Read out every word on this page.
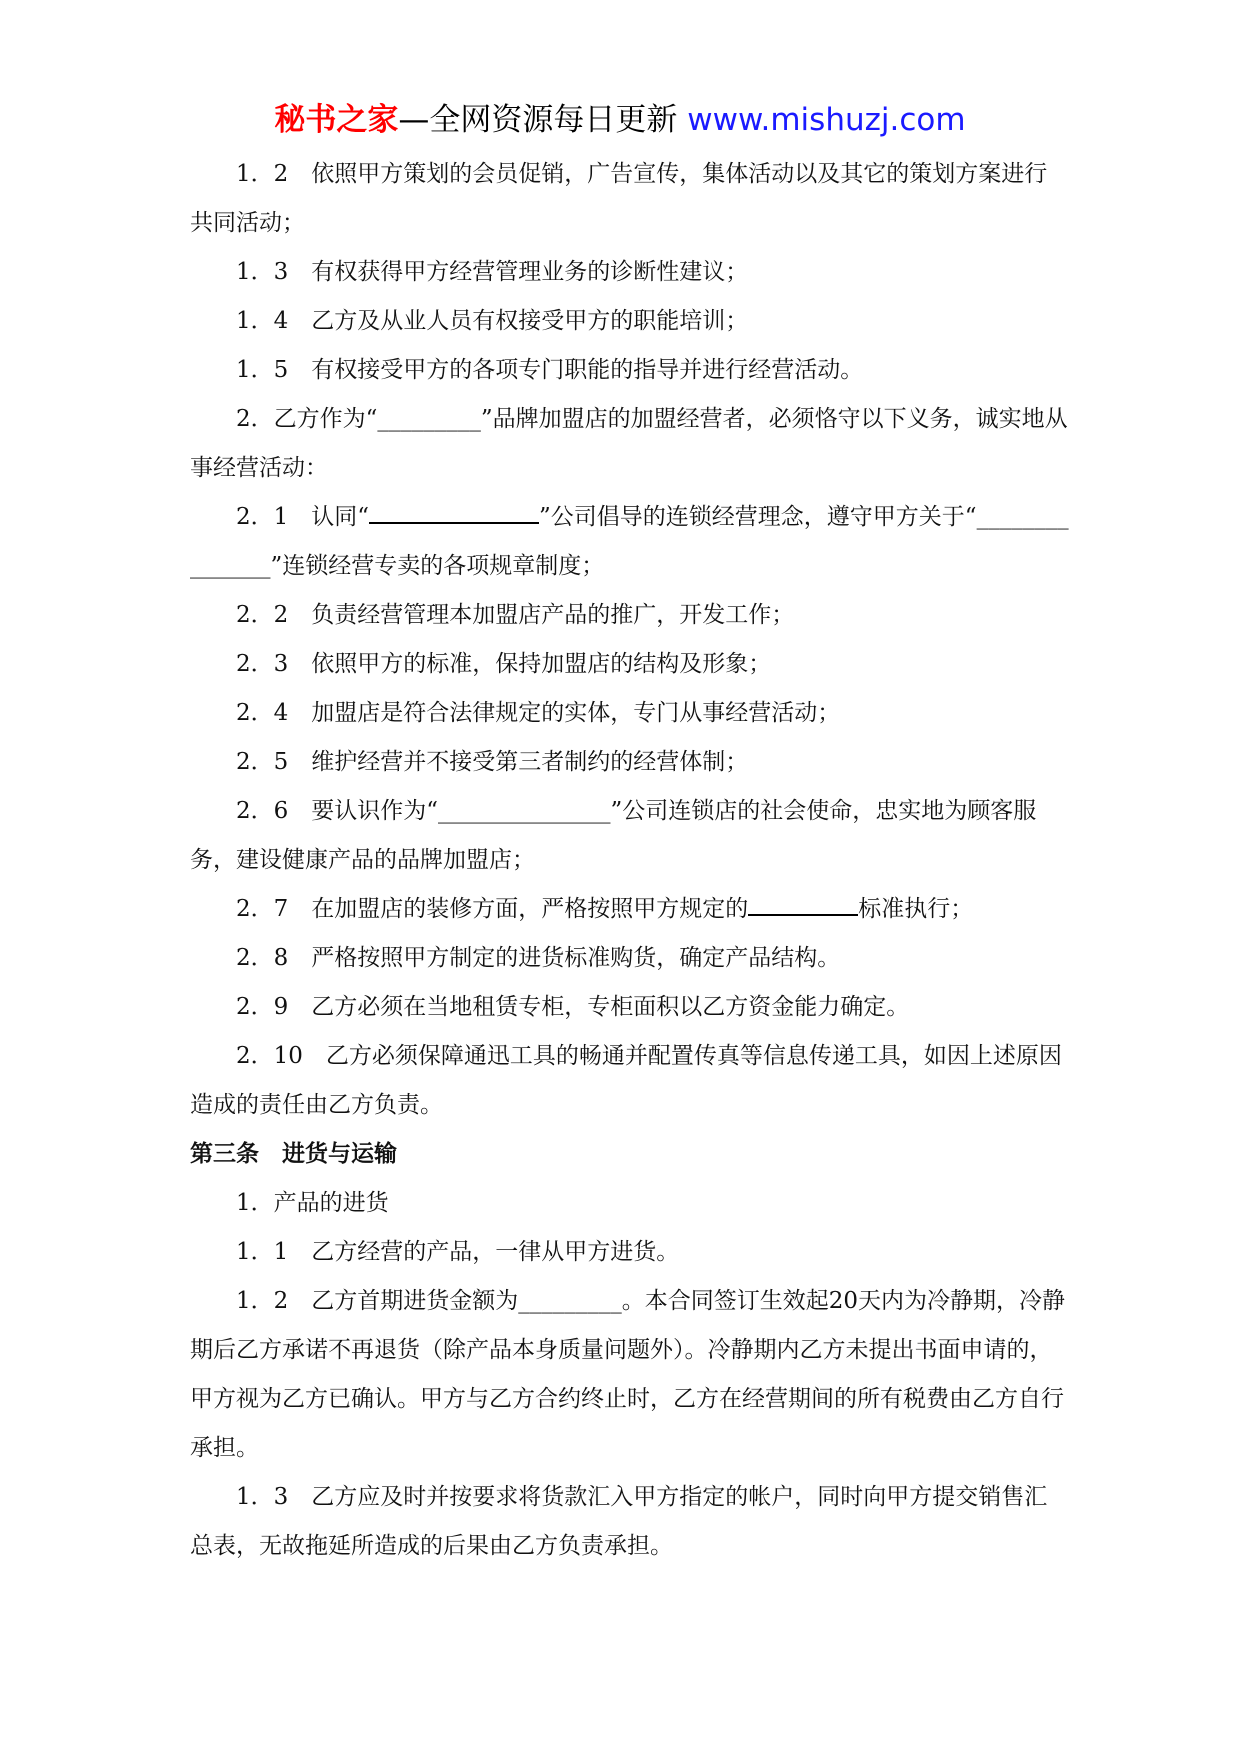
秘书之家—全网资源每日更新 www.mishuzj.com

1．2　 依照甲方策划的会员促销，广告宣传，集体活动以及其它的策划方案进行共同活动；

1．3　 有权获得甲方经营管理业务的诊断性建议；

1．4　 乙方及从业人员有权接受甲方的职能培训；

1．5　 有权接受甲方的各项专门职能的指导并进行经营活动。

2．乙方作为“_________”品牌加盟店的加盟经营者，必须恪守以下义务，诚实地从事经营活动：

2．1　 认同“	”公司倡导的连锁经营理念，遵守甲方关于“_______________”连锁经营专卖的各项规章制度；

2．2　 负责经营管理本加盟店产品的推广，开发工作；

2．3　 依照甲方的标准，保持加盟店的结构及形象；

2．4　 加盟店是符合法律规定的实体，专门从事经营活动；

2．5　 维护经营并不接受第三者制约的经营体制；

2．6　 要认识作为“_______________”公司连锁店的社会使命，忠实地为顾客服务，建设健康产品的品牌加盟店；

2．7　 在加盟店的装修方面，严格按照甲方规定的	标准执行；

2．8　 严格按照甲方制定的进货标准购货，确定产品结构。

2．9　 乙方必须在当地租赁专柜，专柜面积以乙方资金能力确定。

2．10　 乙方必须保障通迅工具的畅通并配置传真等信息传递工具，如因上述原因造成的责任由乙方负责。

第三条　进货与运输

1．产品的进货

1．1　 乙方经营的产品，一律从甲方进货。

1．2　 乙方首期进货金额为_________。本合同签订生效起20天内为冷静期，冷静期后乙方承诺不再退货（除产品本身质量问题外）。冷静期内乙方未提出书面申请的，甲方视为乙方已确认。甲方与乙方合约终止时，乙方在经营期间的所有税费由乙方自行承担。

1．3　 乙方应及时并按要求将货款汇入甲方指定的帐户，同时向甲方提交销售汇总表，无故拖延所造成的后果由乙方负责承担。
